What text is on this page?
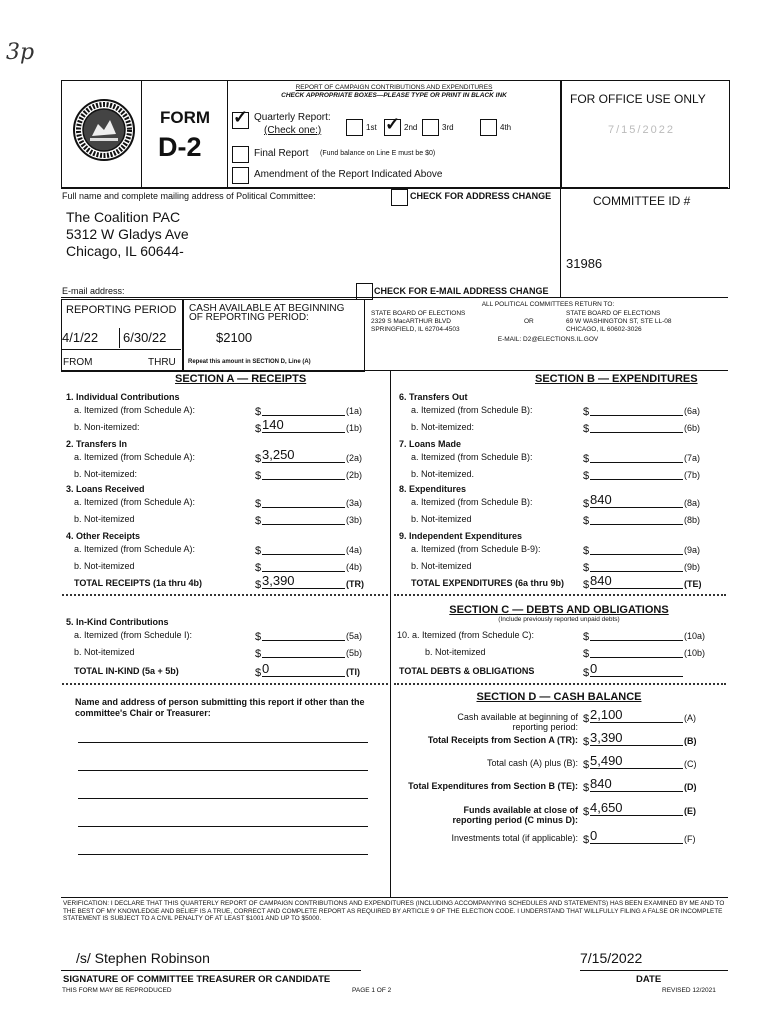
3p
FORM
D-2
REPORT OF CAMPAIGN CONTRIBUTIONS AND EXPENDITURES
CHECK APPROPRIATE BOXES—PLEASE TYPE OR PRINT IN BLACK INK
✓ Quarterly Report:
(Check one:)	1st ✓ 2nd	3rd	4th
Final Report (Fund balance on Line E must be $0)
Amendment of the Report Indicated Above
FOR OFFICE USE ONLY
7/15/2022
Full name and complete mailing address of Political Committee:	CHECK FOR ADDRESS CHANGE	COMMITTEE ID #
The Coalition PAC
5312 W Gladys Ave
Chicago, IL 60644-
31986
E-mail address:	CHECK FOR E-MAIL ADDRESS CHANGE
REPORTING PERIOD
4/1/22 6/30/22
FROM	THRU
CASH AVAILABLE AT BEGINNING OF REPORTING PERIOD:
$2100
Repeat this amount in SECTION D, Line (A)
ALL POLITICAL COMMITTEES RETURN TO:
STATE BOARD OF ELECTIONS
2329 S MacARTHUR BLVD
SPRINGFIELD, IL 62704-4503
OR
STATE BOARD OF ELECTIONS
69 W WASHINGTON ST, STE LL-08
CHICAGO, IL 60602-3026
E-MAIL: D2@ELECTIONS.IL.GOV
SECTION A — RECEIPTS	SECTION B — EXPENDITURES
1. Individual Contributions
a. Itemized (from Schedule A):	$	(1a)
b. Non-itemized:	$ 140	(1b)
2. Transfers In
a. Itemized (from Schedule A):	$ 3,250	(2a)
b. Not-itemized:	$	(2b)
3. Loans Received
a. Itemized (from Schedule A):	$	(3a)
b. Not-itemized	$	(3b)
4. Other Receipts
a. Itemized (from Schedule A):	$	(4a)
b. Not-itemized	$	(4b)
TOTAL RECEIPTS (1a thru 4b)	$ 3,390	(TR)
a. Itemized (from Schedule I):	$	(5a)
b. Not-itemized	$	(5b)
TOTAL IN-KIND (5a + 5b)	$ 0	(TI)
6. Transfers Out
a. Itemized (from Schedule B):	$	(6a)
b. Not-itemized:	$	(6b)
7. Loans Made
a. Itemized (from Schedule B):	$	(7a)
b. Not-itemized.	$	(7b)
8. Expenditures
a. Itemized (from Schedule B):	$ 840	(8a)
b. Not-itemized	$	(8b)
9. Independent Expenditures
a. Itemized (from Schedule B-9):	$	(9a)
b. Not-itemized	$	(9b)
TOTAL EXPENDITURES (6a thru 9b) $ 840	(TE)
10. a. Itemized (from Schedule C):	$	(10a)
b. Not-itemized	$	(10b)
TOTAL DEBTS & OBLIGATIONS	$ 0
5. In-Kind Contributions
Name and address of person submitting this report if other than the committee's Chair or Treasurer:
SECTION C — DEBTS AND OBLIGATIONS
(Include previously reported unpaid debts)
SECTION D — CASH BALANCE
Cash available at beginning of reporting period:
$ 2,100	(A)
Total Receipts from Section A (TR): $ 3,390	(B)
Total cash (A) plus (B): $ 5,490	(C)
Total Expenditures from Section B (TE): $ 840	(D)
Funds available at close of reporting period (C minus D):
$ 4,650	(E)
Investments total (if applicable): $ 0	(F)
VERIFICATION: I DECLARE THAT THIS QUARTERLY REPORT OF CAMPAIGN CONTRIBUTIONS AND EXPENDITURES (INCLUDING ACCOMPANYING SCHEDULES AND STATEMENTS) HAS BEEN EXAMINED BY ME AND TO THE BEST OF MY KNOWLEDGE AND BELIEF IS A TRUE, CORRECT AND COMPLETE REPORT AS REQUIRED BY ARTICLE 9 OF THE ELECTION CODE. I UNDERSTAND THAT WILLFULLY FILING A FALSE OR INCOMPLETE STATEMENT IS SUBJECT TO A CIVIL PENALTY OF AT LEAST $1001 AND UP TO $5000.
/s/ Stephen Robinson	7/15/2022
SIGNATURE OF COMMITTEE TREASURER OR CANDIDATE	DATE
THIS FORM MAY BE REPRODUCED	PAGE 1 OF 2	REVISED 12/2021
